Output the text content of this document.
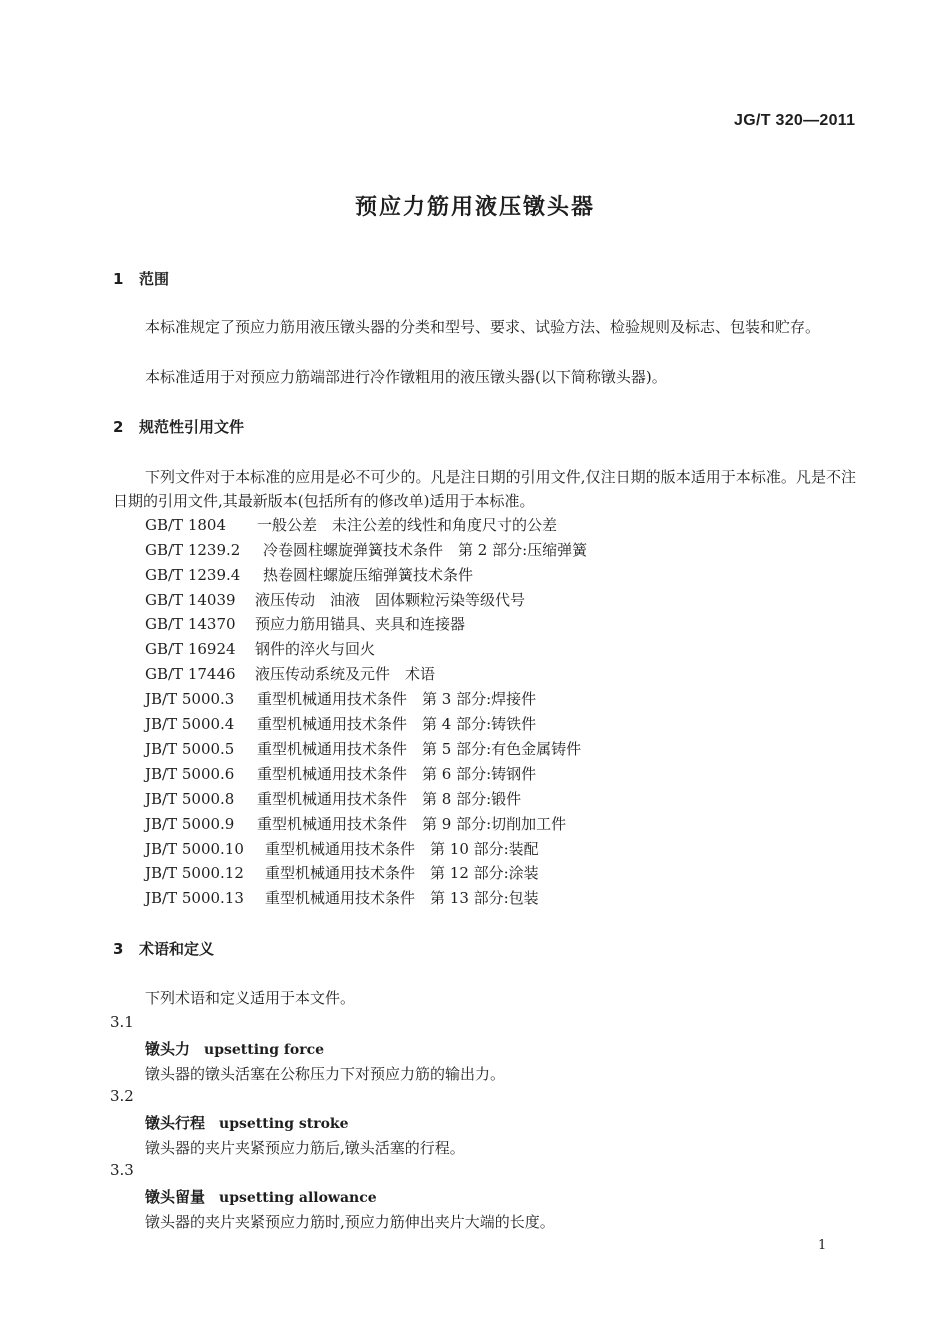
JG/T 320—2011
预应力筋用液压镦头器
1 范围
本标准规定了预应力筋用液压镦头器的分类和型号、要求、试验方法、检验规则及标志、包装和贮存。
本标准适用于对预应力筋端部进行冷作镦粗用的液压镦头器(以下简称镦头器)。
2 规范性引用文件
下列文件对于本标准的应用是必不可少的。凡是注日期的引用文件,仅注日期的版本适用于本标准。凡是不注日期的引用文件,其最新版本(包括所有的修改单)适用于本标准。
GB/T 1804 一般公差　未注公差的线性和角度尺寸的公差
GB/T 1239.2 冷卷圆柱螺旋弹簧技术条件　第 2 部分:压缩弹簧
GB/T 1239.4 热卷圆柱螺旋压缩弹簧技术条件
GB/T 14039 液压传动　油液　固体颗粒污染等级代号
GB/T 14370 预应力筋用锚具、夹具和连接器
GB/T 16924 钢件的淬火与回火
GB/T 17446 液压传动系统及元件　术语
JB/T 5000.3 重型机械通用技术条件　第 3 部分:焊接件
JB/T 5000.4 重型机械通用技术条件　第 4 部分:铸铁件
JB/T 5000.5 重型机械通用技术条件　第 5 部分:有色金属铸件
JB/T 5000.6 重型机械通用技术条件　第 6 部分:铸钢件
JB/T 5000.8 重型机械通用技术条件　第 8 部分:锻件
JB/T 5000.9 重型机械通用技术条件　第 9 部分:切削加工件
JB/T 5000.10 重型机械通用技术条件　第 10 部分:装配
JB/T 5000.12 重型机械通用技术条件　第 12 部分:涂装
JB/T 5000.13 重型机械通用技术条件　第 13 部分:包装
3 术语和定义
下列术语和定义适用于本文件。
3.1
镦头力 upsetting force
镦头器的镦头活塞在公称压力下对预应力筋的输出力。
3.2
镦头行程 upsetting stroke
镦头器的夹片夹紧预应力筋后,镦头活塞的行程。
3.3
镦头留量 upsetting allowance
镦头器的夹片夹紧预应力筋时,预应力筋伸出夹片大端的长度。
1
